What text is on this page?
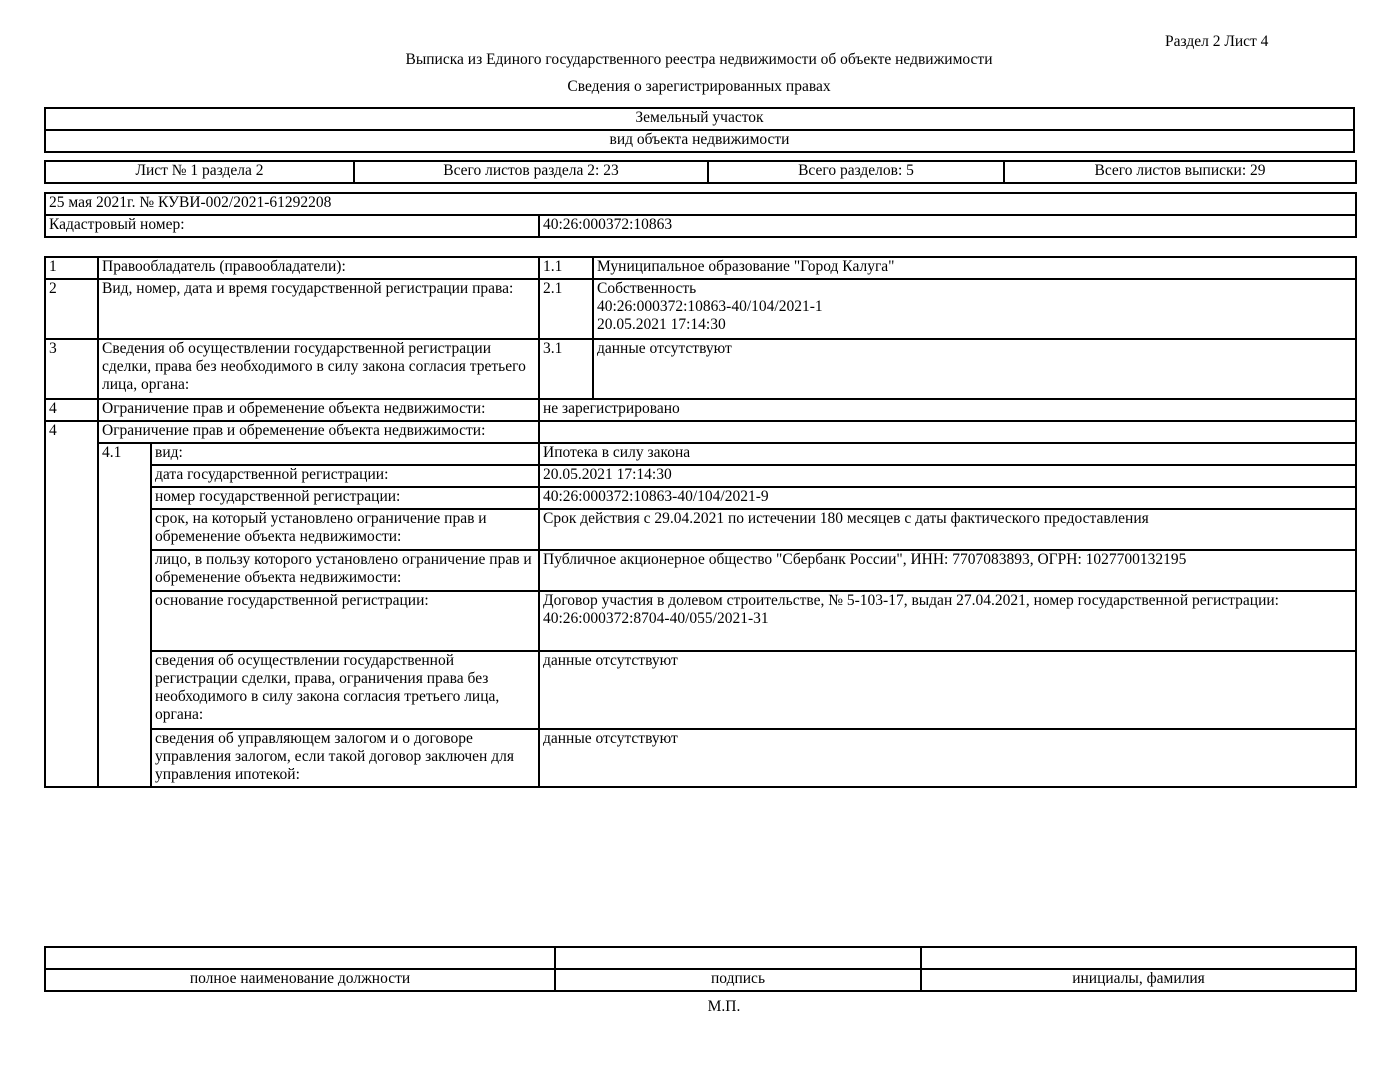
Раздел 2 Лист 4
Выписка из Единого государственного реестра недвижимости об объекте недвижимости
Сведения о зарегистрированных правах
Земельный участок
вид объекта недвижимости
Лист № 1 раздела 2	Всего листов раздела 2: 23	Всего разделов: 5	Всего листов выписки: 29
25 мая 2021г. № КУВИ-002/2021-61292208
Кадастровый номер:	40:26:000372:10863
1	Правообладатель (правообладатели):		1.1	Муниципальное образование "Город Калуга"
2	Вид, номер, дата и время государственной регистрации права:		2.1	Собственность
40:26:000372:10863-40/104/2021-1
20.05.2021 17:14:30
3	Сведения об осуществлении государственной регистрации сделки, права без необходимого в силу закона согласия третьего лица, органа:		3.1	данные отсутствуют
4	Ограничение прав и обременение объекта недвижимости:		не зарегистрировано	
4	Ограничение прав и обременение объекта недвижимости:			
	4.1	вид:	Ипотека в силу закона	
		дата государственной регистрации:	20.05.2021 17:14:30	
		номер государственной регистрации:	40:26:000372:10863-40/104/2021-9	
		срок, на который установлено ограничение прав и обременение объекта недвижимости:	Срок действия с 29.04.2021 по истечении 180 месяцев с даты фактического предоставления	
		лицо, в пользу которого установлено ограничение прав и обременение объекта недвижимости:	Публичное акционерное общество "Сбербанк России", ИНН: 7707083893, ОГРН: 1027700132195	
		основание государственной регистрации:	Договор участия в долевом строительстве, № 5-103-17, выдан 27.04.2021, номер государственной регистрации: 40:26:000372:8704-40/055/2021-31	
		сведения об осуществлении государственной регистрации сделки, права, ограничения права без необходимого в силу закона согласия третьего лица, органа:	данные отсутствуют	
		сведения об управляющем залогом и о договоре управления залогом, если такой договор заключен для управления ипотекой:	данные отсутствуют	

полное наименование должности	подпись	инициалы, фамилия
М.П.
